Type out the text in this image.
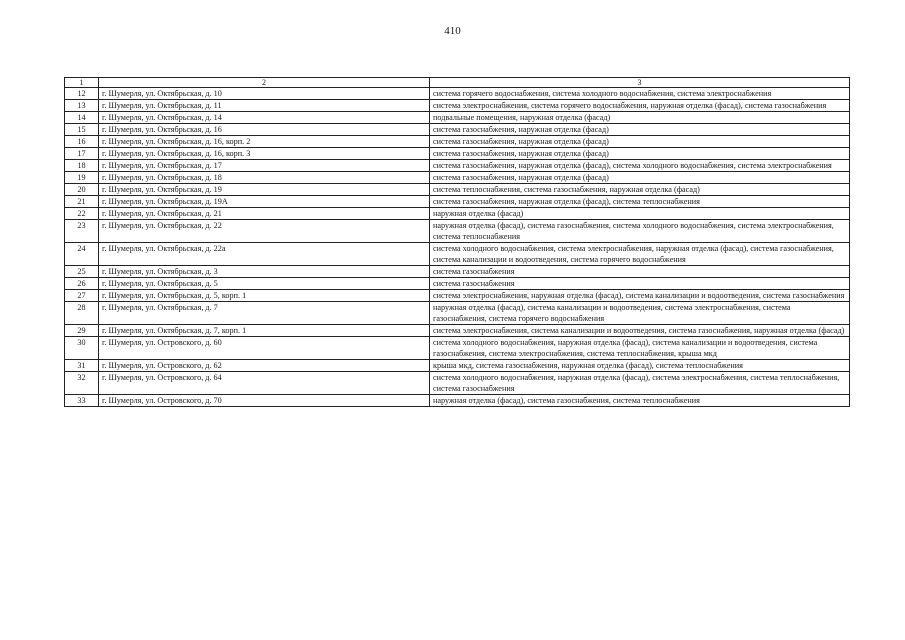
410
1	2	3
12	г. Шумерля, ул. Октябрьская, д. 10	система горячего водоснабжения, система холодного водоснабжения, система электроснабжения
13	г. Шумерля, ул. Октябрьская, д. 11	система электроснабжения, система горячего водоснабжения, наружная отделка (фасад), система газоснабжения
14	г. Шумерля, ул. Октябрьская, д. 14	подвальные помещения, наружная отделка (фасад)
15	г. Шумерля, ул. Октябрьская, д. 16	система газоснабжения, наружная отделка (фасад)
16	г. Шумерля, ул. Октябрьская, д. 16, корп. 2	система газоснабжения, наружная отделка (фасад)
17	г. Шумерля, ул. Октябрьская, д. 16, корп. 3	система газоснабжения, наружная отделка (фасад)
18	г. Шумерля, ул. Октябрьская, д. 17	система газоснабжения, наружная отделка (фасад), система холодного водоснабжения, система электроснабжения
19	г. Шумерля, ул. Октябрьская, д. 18	система газоснабжения, наружная отделка (фасад)
20	г. Шумерля, ул. Октябрьская, д. 19	система теплоснабжения, система газоснабжения, наружная отделка (фасад)
21	г. Шумерля, ул. Октябрьская, д. 19А	система газоснабжения, наружная отделка (фасад), система теплоснабжения
22	г. Шумерля, ул. Октябрьская, д. 21	наружная отделка (фасад)
23	г. Шумерля, ул. Октябрьская, д. 22	наружная отделка (фасад), система газоснабжения, система холодного водоснабжения, система электроснабжения, система теплоснабжения
24	г. Шумерля, ул. Октябрьская, д. 22а	система холодного водоснабжения, система электроснабжения, наружная отделка (фасад), система газоснабжения, система канализации и водоотведения, система горячего водоснабжения
25	г. Шумерля, ул. Октябрьская, д. 3	система газоснабжения
26	г. Шумерля, ул. Октябрьская, д. 5	система газоснабжения
27	г. Шумерля, ул. Октябрьская, д. 5, корп. 1	система электроснабжения, наружная отделка (фасад), система канализации и водоотведения, система газоснабжения
28	г. Шумерля, ул. Октябрьская, д. 7	наружная отделка (фасад), система канализации и водоотведения, система электроснабжения, система газоснабжения, система горячего водоснабжения
29	г. Шумерля, ул. Октябрьская, д. 7, корп. 1	система электроснабжения, система канализации и водоотведения, система газоснабжения, наружная отделка (фасад)
30	г. Шумерля, ул. Островского, д. 60	система холодного водоснабжения, наружная отделка (фасад), система канализации и водоотведения, система газоснабжения, система электроснабжения, система теплоснабжения, крыша мкд
31	г. Шумерля, ул. Островского, д. 62	крыша мкд, система газоснабжения, наружная отделка (фасад), система теплоснабжения
32	г. Шумерля, ул. Островского, д. 64	система холодного водоснабжения, наружная отделка (фасад), система электроснабжения, система теплоснабжения, система газоснабжения
33	г. Шумерля, ул. Островского, д. 70	наружная отделка (фасад), система газоснабжения, система теплоснабжения
